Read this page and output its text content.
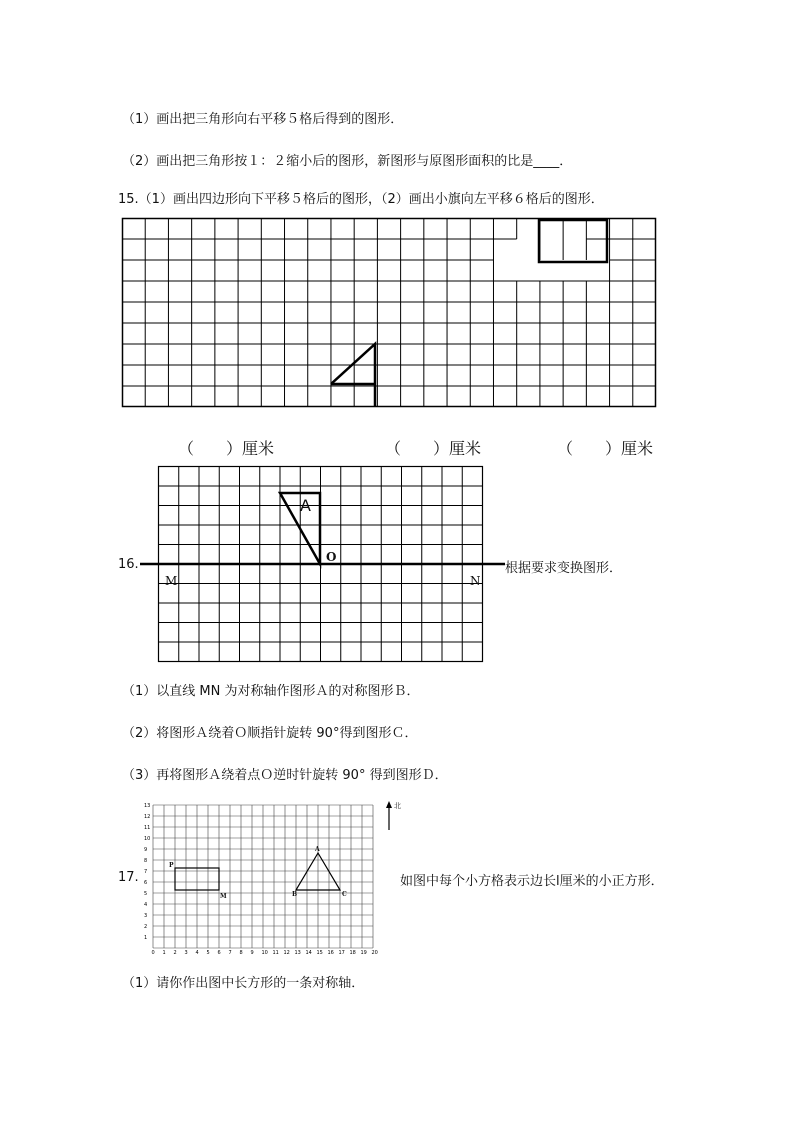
（1）画出把三角形向右平移５格后得到的图形．
（2）画出把三角形按１：２缩小后的图形，新图形与原图形面积的比是____．
15.（1）画出四边形向下平移５格后的图形，（2）画出小旗向左平移６格后的图形．
（　　）厘米	（　　）厘米	（　　）厘米
16.
A
O
M	N
根据要求变换图形．
（1）以直线 MN 为对称轴作图形Ａ的对称图形Ｂ．
（2）将图形Ａ绕着Ｏ顺指针旋转 90°得到图形Ｃ．
（3）再将图形Ａ绕着点Ｏ逆时针旋转 90° 得到图形Ｄ．
17.
0 1 2 3 4 5 6 7 8 9 10 11 12 13 14 15 16 17 18 19 20
1
2
3
4
5
6
7
8
9
10
11
12
13
P
M
A
B	C
北
如图中每个小方格表示边长l厘米的小正方形．
（1）请你作出图中长方形的一条对称轴．
